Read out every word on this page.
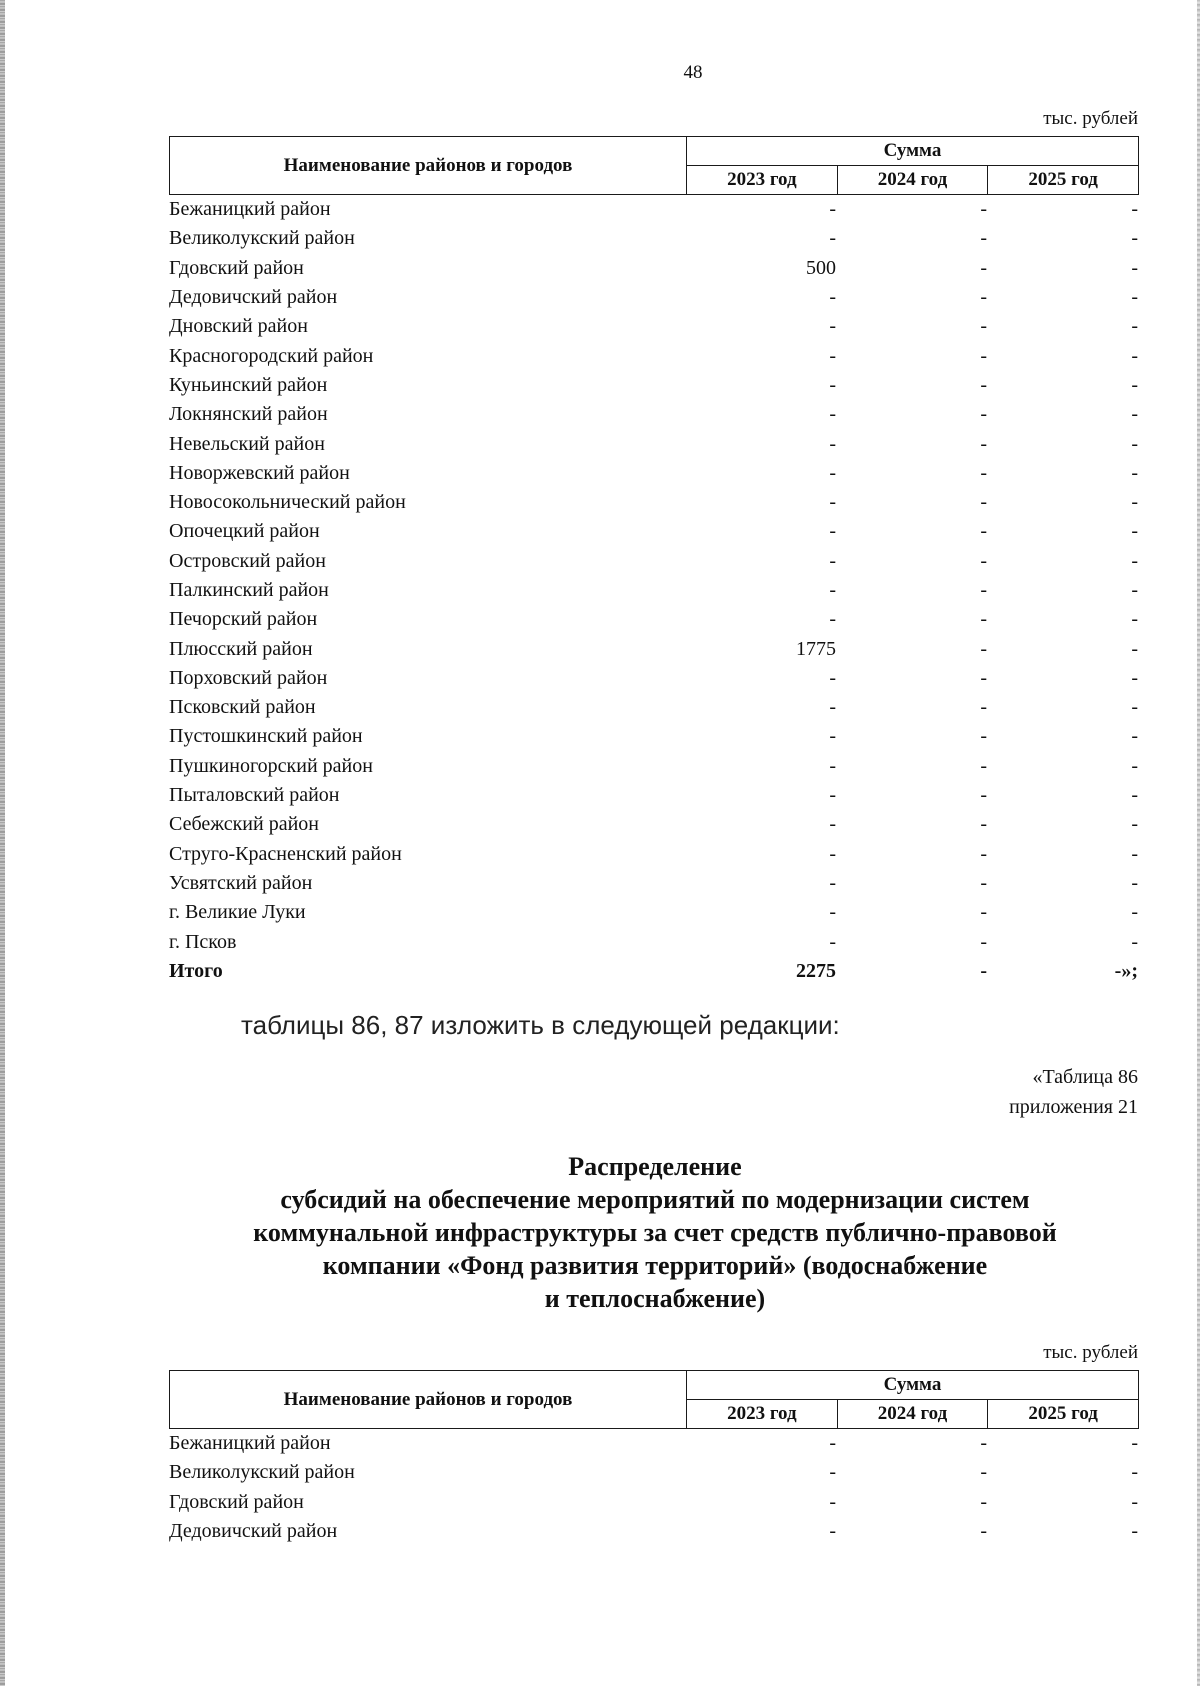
48
тыс. рублей
Наименование районов и городов	Сумма		
	2023 год	2024 год	2025 год
Бежаницкий район	-	-	-
Великолукский район	-	-	-
Гдовский район	500	-	-
Дедовичский район	-	-	-
Дновский район	-	-	-
Красногородский район	-	-	-
Куньинский район	-	-	-
Локнянский район	-	-	-
Невельский район	-	-	-
Новоржевский район	-	-	-
Новосокольнический район	-	-	-
Опочецкий район	-	-	-
Островский район	-	-	-
Палкинский район	-	-	-
Печорский район	-	-	-
Плюсский район	1775	-	-
Порховский район	-	-	-
Псковский район	-	-	-
Пустошкинский район	-	-	-
Пушкиногорский район	-	-	-
Пыталовский район	-	-	-
Себежский район	-	-	-
Струго-Красненский район	-	-	-
Усвятский район	-	-	-
г. Великие Луки	-	-	-
г. Псков	-	-	-
Итого	2275	-	-»;
таблицы 86, 87 изложить в следующей редакции:
«Таблица 86
приложения 21
Распределение
субсидий на обеспечение мероприятий по модернизации систем
коммунальной инфраструктуры за счет средств публично-правовой
компании «Фонд развития территорий» (водоснабжение
и теплоснабжение)
тыс. рублей
Наименование районов и городов	Сумма		
	2023 год	2024 год	2025 год
Бежаницкий район	-	-	-
Великолукский район	-	-	-
Гдовский район	-	-	-
Дедовичский район	-	-	-
